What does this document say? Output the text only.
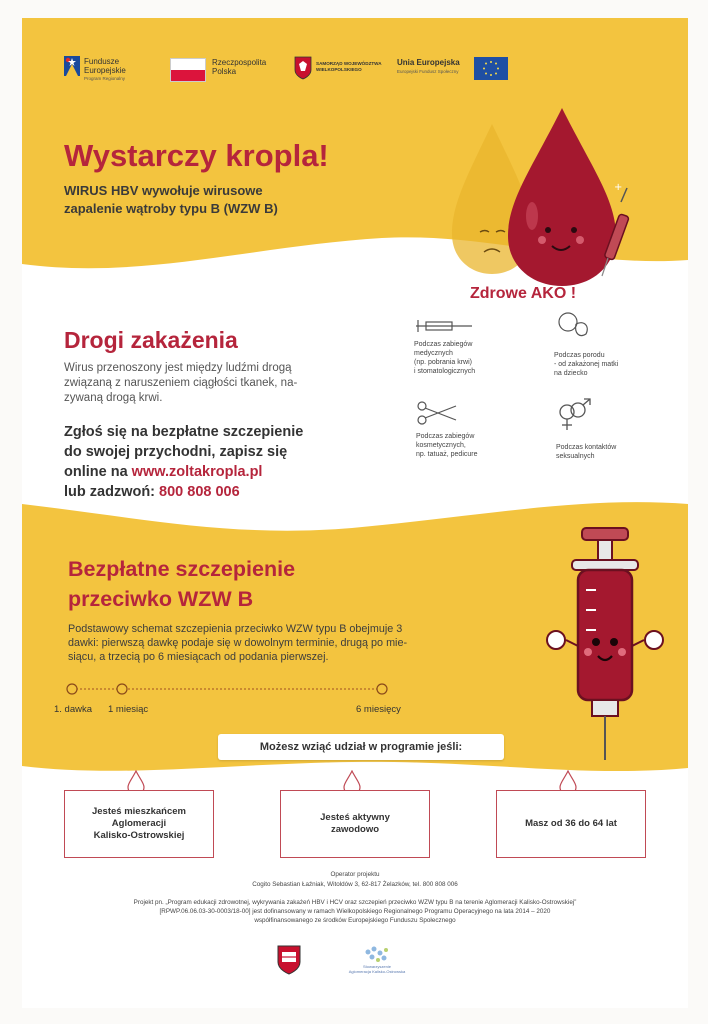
Fundusze
Europejskie
Program Regionalny
Rzeczpospolita
Polska
SAMORZĄD WOJEWÓDZTWA
WIELKOPOLSKIEGO
Unia Europejska
Europejski Fundusz Społeczny
Wystarczy kropla!
WIRUS HBV wywołuje wirusowe
zapalenie wątroby typu B (WZW B)
+
Zdrowe AKO !
Drogi zakażenia
Wirus przenoszony jest między ludźmi drogą
związaną z naruszeniem ciągłości tkanek, na-
zywaną drogą krwi.
Zgłoś się na bezpłatne szczepienie
do swojej przychodni, zapisz się
online na www.zoltakropla.pl
lub zadzwoń: 800 808 006
Podczas zabiegów
medycznych
(np. pobrania krwi)
i stomatologicznych
Podczas porodu
- od zakażonej matki
na dziecko
Podczas zabiegów
kosmetycznych,
np. tatuaż, pedicure
Podczas kontaktów
seksualnych
Bezpłatne szczepienie
przeciwko WZW B
Podstawowy schemat szczepienia przeciwko WZW typu B obejmuje 3
dawki: pierwszą dawkę podaje się w dowolnym terminie, drugą po mie-
siącu, a trzecią po 6 miesiącach od podania pierwszej.
1. dawka 1 miesiąc	6 miesięcy
Możesz wziąć udział w programie jeśli:
Jesteś mieszkańcem
Aglomeracji
Kalisko-Ostrowskiej
Jesteś aktywny
zawodowo
Masz od 36 do 64 lat
Operator projektu
Cogito Sebastian Łaźniak, Witoldów 3, 62-817 Żelazków, tel. 800 808 006
Projekt pn. „Program edukacji zdrowotnej, wykrywania zakażeń HBV i HCV oraz szczepień przeciwko WZW typu B na terenie Aglomeracji Kalisko-Ostrowskiej”
[RPWP.06.06.03-30-0003/18-00] jest dofinansowany w ramach Wielkopolskiego Regionalnego Programu Operacyjnego na lata 2014 – 2020
współfinansowanego ze środków Europejskiego Funduszu Społecznego
Stowarzyszenie
Aglomeracja Kalisko-Ostrowska
